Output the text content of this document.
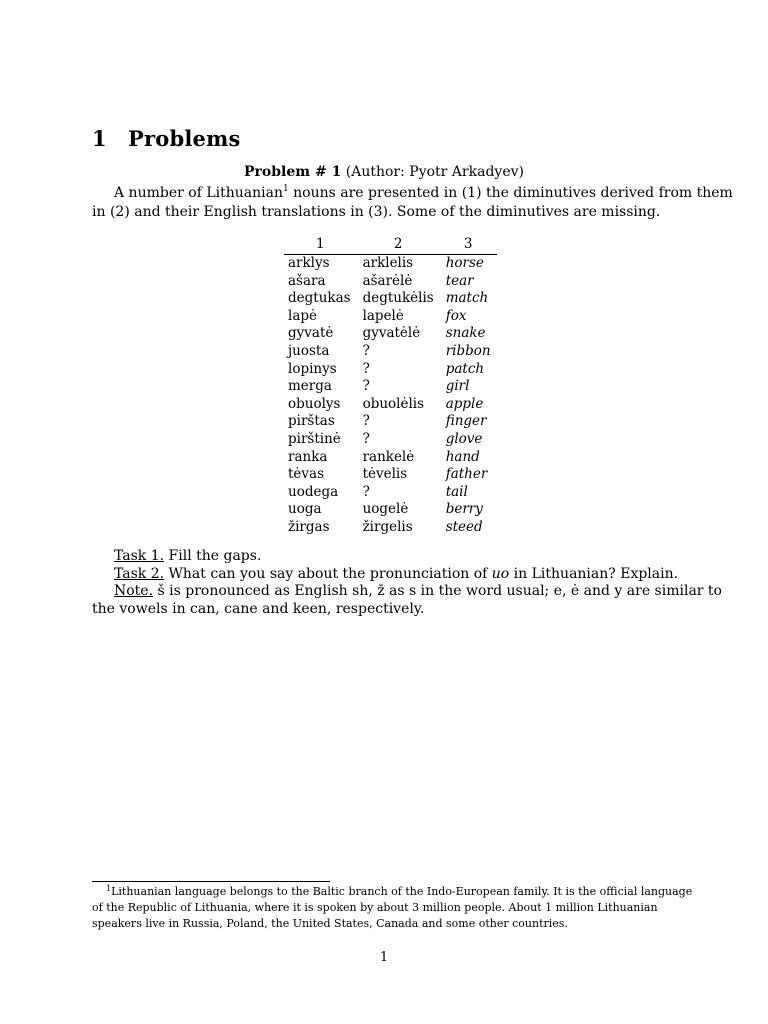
1 Problems
Problem # 1 (Author: Pyotr Arkadyev)
A number of Lithuanian$^1$ nouns are presented in (1) the diminutives derived from them
in (2) and their English translations in (3). Some of the diminutives are missing.
1	2	3
arklys	arklelis	horse
ašara	ašarėlė	tear
degtukas	degtukėlis	match
lapė	lapelė	fox
gyvatė	gyvatėlė	snake
juosta	?	ribbon
lopinys	?	patch
merga	?	girl
obuolys	obuolėlis	apple
pirštas	?	finger
pirštinė	?	glove
ranka	rankelė	hand
tėvas	tėvelis	father
uodega	?	tail
uoga	uogelė	berry
žirgas	žirgelis	steed
Task 1. Fill the gaps.
Task 2. What can you say about the pronunciation of uo in Lithuanian? Explain.
Note. š is pronounced as English sh, ž as s in the word usual; e, ė and y are similar to
the vowels in can, cane and keen, respectively.
$^1$Lithuanian language belongs to the Baltic branch of the Indo-European family. It is the official language
of the Republic of Lithuania, where it is spoken by about 3 million people. About 1 million Lithuanian
speakers live in Russia, Poland, the United States, Canada and some other countries.
1
